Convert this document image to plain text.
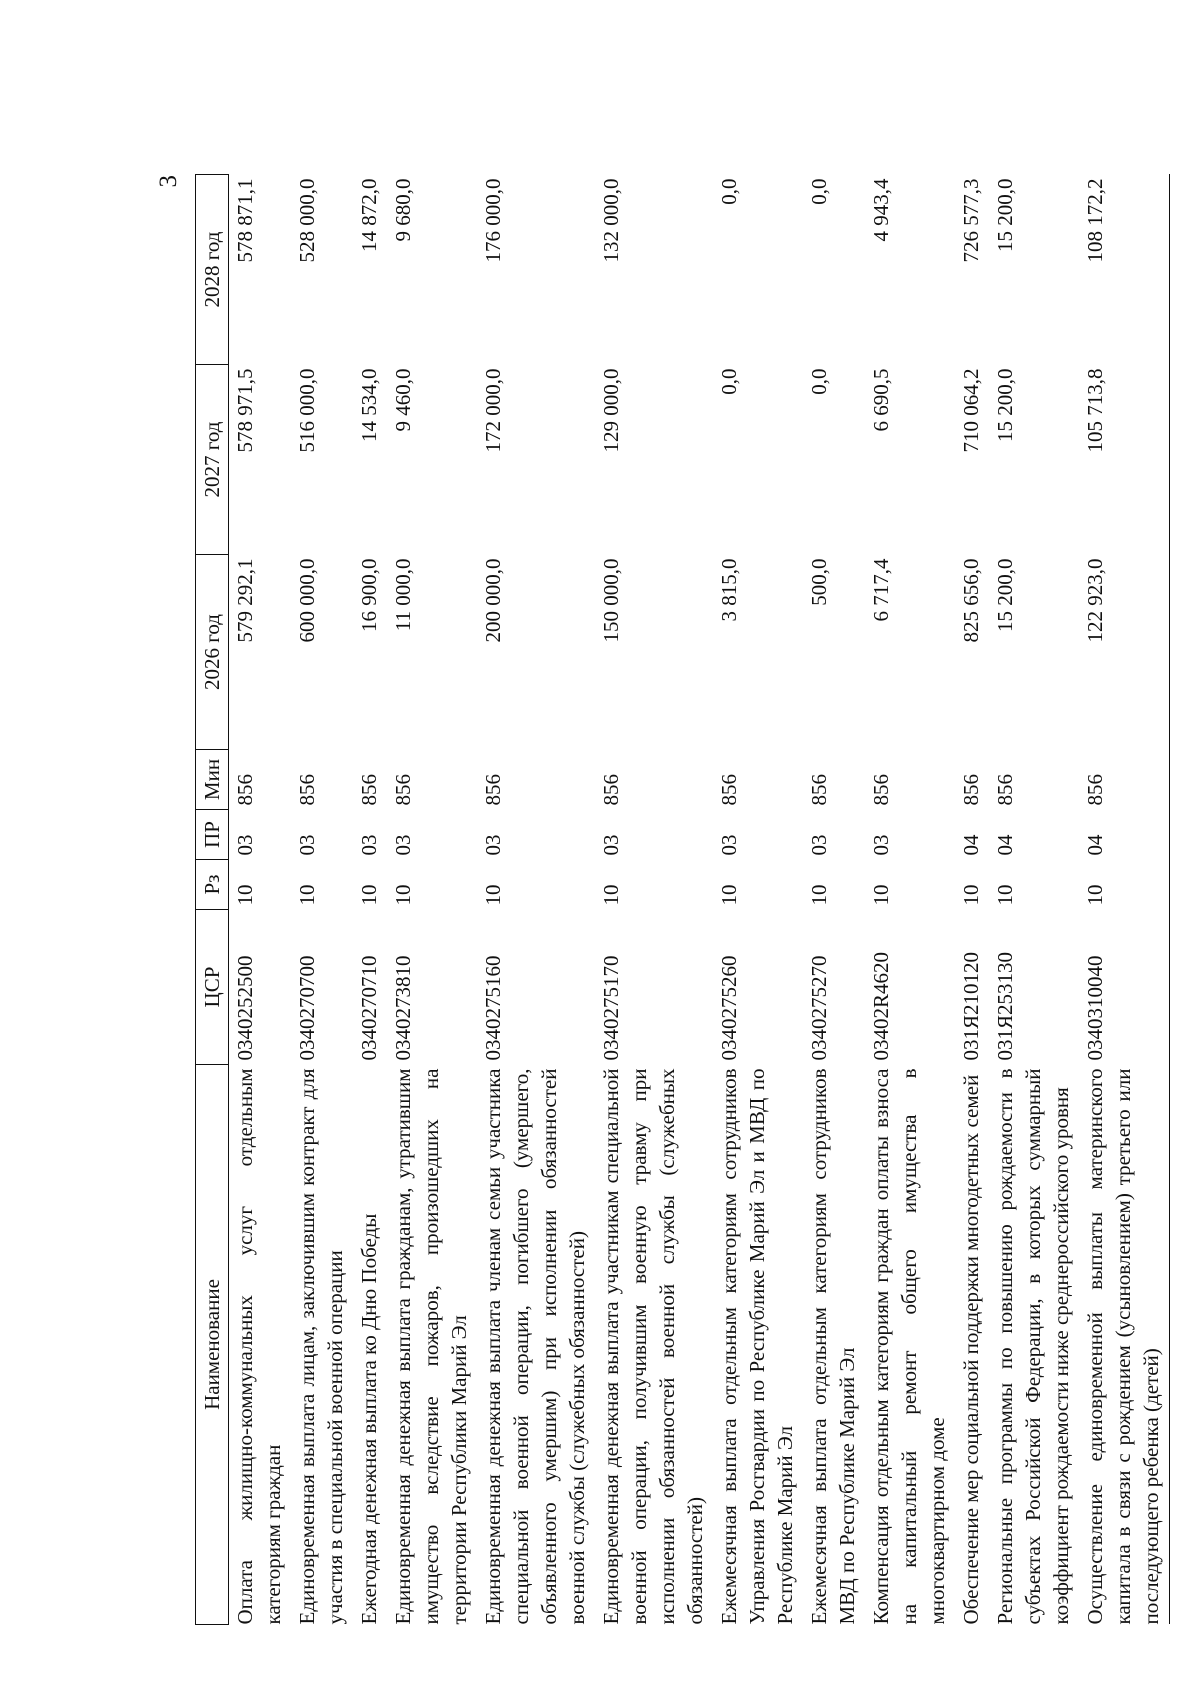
3
Наименование	ЦСР	Рз	ПР	Мин	2026 год	2027 год	2028 год
Оплата жилищно-коммунальных услуг отдельным категориям граждан	0340252500	10	03	856	579 292,1	578 971,5	578 871,1
Единовременная выплата лицам, заключившим контракт для участия в специальной военной операции	0340270700	10	03	856	600 000,0	516 000,0	528 000,0
Ежегодная денежная выплата ко Дню Победы	0340270710	10	03	856	16 900,0	14 534,0	14 872,0
Единовременная денежная выплата гражданам, утратившим имущество вследствие пожаров, произошедших на территории Республики Марий Эл	0340273810	10	03	856	11 000,0	9 460,0	9 680,0
Единовременная денежная выплата членам семьи участника специальной военной операции, погибшего (умершего, объявленного умершим) при исполнении обязанностей военной службы (служебных обязанностей)	0340275160	10	03	856	200 000,0	172 000,0	176 000,0
Единовременная денежная выплата участникам специальной военной операции, получившим военную травму при исполнении обязанностей военной службы (служебных обязанностей)	0340275170	10	03	856	150 000,0	129 000,0	132 000,0
Ежемесячная выплата отдельным категориям сотрудников Управления Росгвардии по Республике Марий Эл и МВД по Республике Марий Эл	0340275260	10	03	856	3 815,0	0,0	0,0
Ежемесячная выплата отдельным категориям сотрудников МВД по Республике Марий Эл	0340275270	10	03	856	500,0	0,0	0,0
Компенсация отдельным категориям граждан оплаты взноса на капитальный ремонт общего имущества в многоквартирном доме	03402R4620	10	03	856	6 717,4	6 690,5	4 943,4
Обеспечение мер социальной поддержки многодетных семей	031Я210120	10	04	856	825 656,0	710 064,2	726 577,3
Региональные программы по повышению рождаемости в субъектах Российской Федерации, в которых суммарный коэффициент рождаемости ниже среднероссийского уровня	031Я253130	10	04	856	15 200,0	15 200,0	15 200,0
Осуществление единовременной выплаты материнского капитала в связи с рождением (усыновлением) третьего или последующего ребенка (детей)	0340310040	10	04	856	122 923,0	105 713,8	108 172,2
